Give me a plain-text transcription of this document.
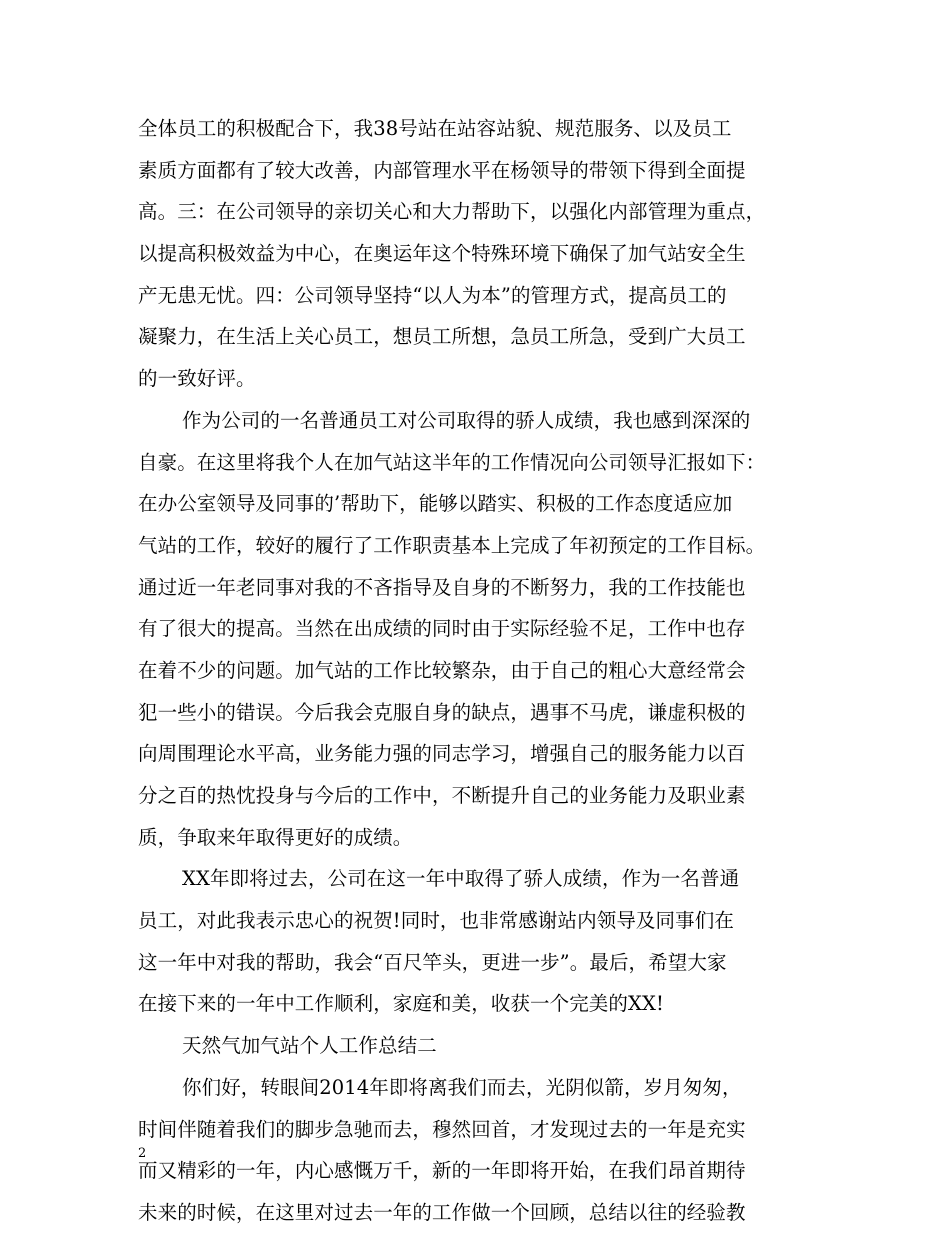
全体员工的积极配合下，我38号站在站容站貌、规范服务、以及员工
素质方面都有了较大改善，内部管理水平在杨领导的带领下得到全面提
高。三：在公司领导的亲切关心和大力帮助下，以强化内部管理为重点，
以提高积极效益为中心，在奥运年这个特殊环境下确保了加气站安全生
产无患无忧。四：公司领导坚持“以人为本”的管理方式，提高员工的
凝聚力，在生活上关心员工，想员工所想，急员工所急，受到广大员工
的一致好评。
作为公司的一名普通员工对公司取得的骄人成绩，我也感到深深的
自豪。在这里将我个人在加气站这半年的工作情况向公司领导汇报如下：
在办公室领导及同事的’帮助下，能够以踏实、积极的工作态度适应加
气站的工作，较好的履行了工作职责基本上完成了年初预定的工作目标。
通过近一年老同事对我的不吝指导及自身的不断努力，我的工作技能也
有了很大的提高。当然在出成绩的同时由于实际经验不足，工作中也存
在着不少的问题。加气站的工作比较繁杂，由于自己的粗心大意经常会
犯一些小的错误。今后我会克服自身的缺点，遇事不马虎，谦虚积极的
向周围理论水平高，业务能力强的同志学习，增强自己的服务能力以百
分之百的热忱投身与今后的工作中，不断提升自己的业务能力及职业素
质，争取来年取得更好的成绩。
XX年即将过去，公司在这一年中取得了骄人成绩，作为一名普通
员工，对此我表示忠心的祝贺!同时，也非常感谢站内领导及同事们在
这一年中对我的帮助，我会“百尺竿头，更进一步”。最后，希望大家
在接下来的一年中工作顺利，家庭和美，收获一个完美的XX!
天然气加气站个人工作总结二
你们好，转眼间2014年即将离我们而去，光阴似箭，岁月匆匆，
时间伴随着我们的脚步急驰而去，穆然回首，才发现过去的一年是充实
而又精彩的一年，内心感慨万千，新的一年即将开始，在我们昂首期待
未来的时候，在这里对过去一年的工作做一个回顾，总结以往的经验教
2
